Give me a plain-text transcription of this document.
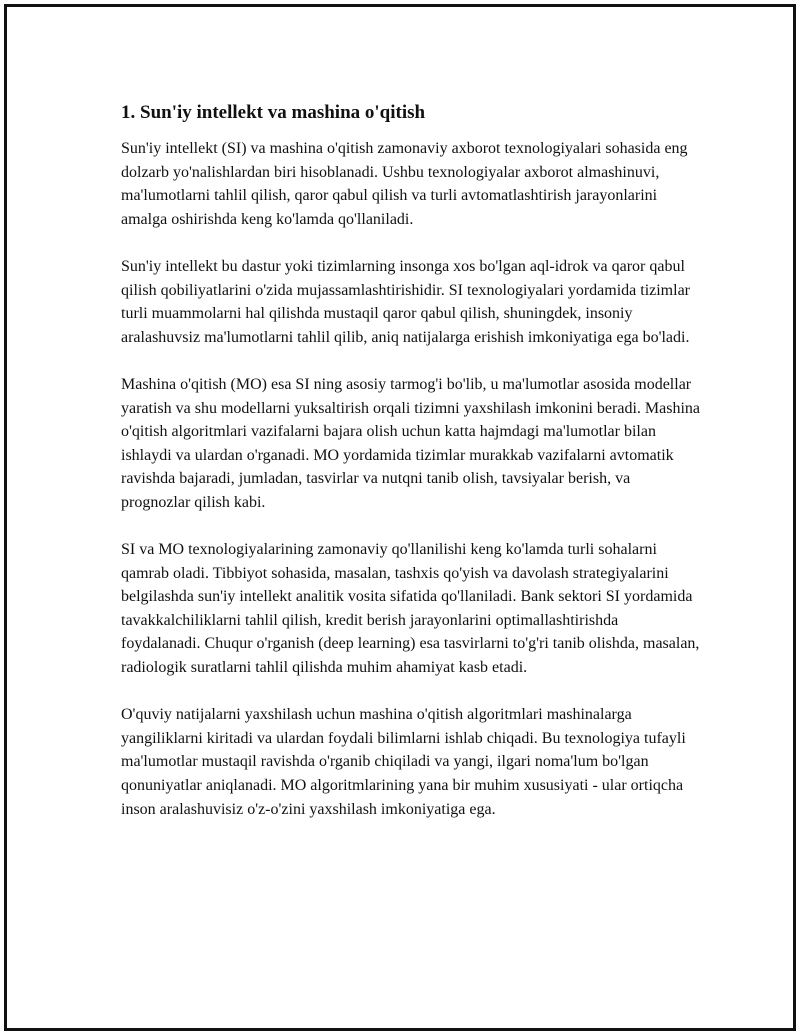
1. Sun'iy intellekt va mashina o'qitish

Sun'iy intellekt (SI) va mashina o'qitish zamonaviy axborot texnologiyalari sohasida eng dolzarb yo'nalishlardan biri hisoblanadi. Ushbu texnologiyalar axborot almashinuvi, ma'lumotlarni tahlil qilish, qaror qabul qilish va turli avtomatlashtirish jarayonlarini amalga oshirishda keng ko'lamda qo'llaniladi.

Sun'iy intellekt bu dastur yoki tizimlarning insonga xos bo'lgan aql-idrok va qaror qabul qilish qobiliyatlarini o'zida mujassamlashtirishidir. SI texnologiyalari yordamida tizimlar turli muammolarni hal qilishda mustaqil qaror qabul qilish, shuningdek, insoniy aralashuvsiz ma'lumotlarni tahlil qilib, aniq natijalarga erishish imkoniyatiga ega bo'ladi.

Mashina o'qitish (MO) esa SI ning asosiy tarmog'i bo'lib, u ma'lumotlar asosida modellar yaratish va shu modellarni yuksaltirish orqali tizimni yaxshilash imkonini beradi. Mashina o'qitish algoritmlari vazifalarni bajara olish uchun katta hajmdagi ma'lumotlar bilan ishlaydi va ulardan o'rganadi. MO yordamida tizimlar murakkab vazifalarni avtomatik ravishda bajaradi, jumladan, tasvirlar va nutqni tanib olish, tavsiyalar berish, va prognozlar qilish kabi.

SI va MO texnologiyalarining zamonaviy qo'llanilishi keng ko'lamda turli sohalarni qamrab oladi. Tibbiyot sohasida, masalan, tashxis qo'yish va davolash strategiyalarini belgilashda sun'iy intellekt analitik vosita sifatida qo'llaniladi. Bank sektori SI yordamida tavakkalchiliklarni tahlil qilish, kredit berish jarayonlarini optimallashtirishda foydalanadi. Chuqur o'rganish (deep learning) esa tasvirlarni to'g'ri tanib olishda, masalan, radiologik suratlarni tahlil qilishda muhim ahamiyat kasb etadi.

O'quviy natijalarni yaxshilash uchun mashina o'qitish algoritmlari mashinalarga yangiliklarni kiritadi va ulardan foydali bilimlarni ishlab chiqadi. Bu texnologiya tufayli ma'lumotlar mustaqil ravishda o'rganib chiqiladi va yangi, ilgari noma'lum bo'lgan qonuniyatlar aniqlanadi. MO algoritmlarining yana bir muhim xususiyati - ular ortiqcha inson aralashuvisiz o'z-o'zini yaxshilash imkoniyatiga ega.
